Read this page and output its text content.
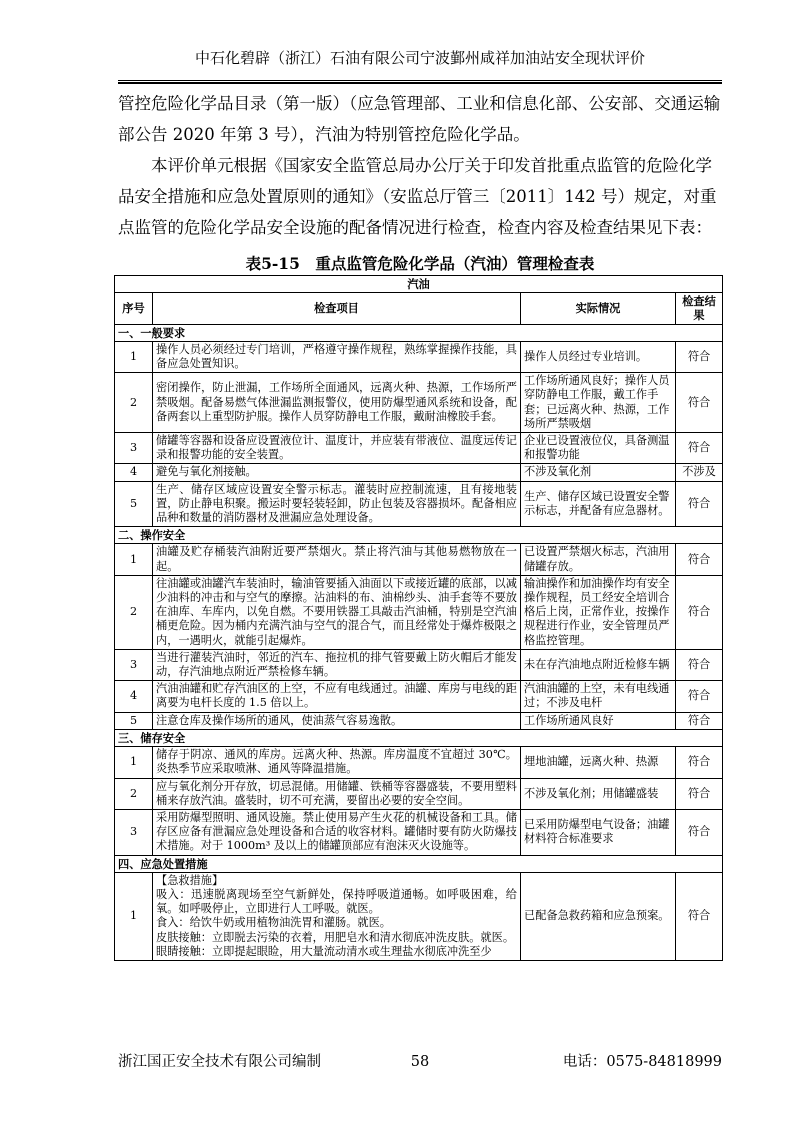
中石化碧辟（浙江）石油有限公司宁波鄞州咸祥加油站安全现状评价

管控危险化学品目录（第一版）（应急管理部、工业和信息化部、公安部、交通运输部公告 2020 年第 3 号），汽油为特别管控危险化学品。

本评价单元根据《国家安全监管总局办公厅关于印发首批重点监管的危险化学品安全措施和应急处置原则的通知》（安监总厅管三〔2011〕142 号）规定，对重点监管的危险化学品安全设施的配备情况进行检查，检查内容及检查结果见下表：

表5-15　重点监管危险化学品（汽油）管理检查表
汽油			
序号	检查项目	实际情况	检查结果
一、一般要求			
1	操作人员必须经过专门培训，严格遵守操作规程，熟练掌握操作技能，具备应急处置知识。	操作人员经过专业培训。	符合
2	密闭操作，防止泄漏，工作场所全面通风，远离火种、热源，工作场所严禁吸烟。配备易燃气体泄漏监测报警仪，使用防爆型通风系统和设备，配备两套以上重型防护服。操作人员穿防静电工作服，戴耐油橡胶手套。	工作场所通风良好；操作人员穿防静电工作服，戴工作手套；已远离火种、热源，工作场所严禁吸烟	符合
3	储罐等容器和设备应设置液位计、温度计，并应装有带液位、温度远传记录和报警功能的安全装置。	企业已设置液位仪，具备测温和报警功能	符合
4	避免与氧化剂接触。	不涉及氧化剂	不涉及
5	生产、储存区域应设置安全警示标志。灌装时应控制流速，且有接地装置，防止静电积聚。搬运时要轻装轻卸，防止包装及容器损坏。配备相应品种和数量的消防器材及泄漏应急处理设备。	生产、储存区域已设置安全警示标志，并配备有应急器材。	符合
二、操作安全			
1	油罐及贮存桶装汽油附近要严禁烟火。禁止将汽油与其他易燃物放在一起。	已设置严禁烟火标志，汽油用储罐存放。	符合
2	往油罐或油罐汽车装油时，输油管要插入油面以下或接近罐的底部，以减少油料的冲击和与空气的摩擦。沾油料的布、油棉纱头、油手套等不要放在油库、车库内，以免自燃。不要用铁器工具敲击汽油桶，特别是空汽油桶更危险。因为桶内充满汽油与空气的混合气，而且经常处于爆炸极限之内，一遇明火，就能引起爆炸。	输油操作和加油操作均有安全操作规程，员工经安全培训合格后上岗，正常作业，按操作规程进行作业，安全管理员严格监控管理。	符合
3	当进行灌装汽油时，邻近的汽车、拖拉机的排气管要戴上防火帽后才能发动，存汽油地点附近严禁检修车辆。	未在存汽油地点附近检修车辆	符合
4	汽油油罐和贮存汽油区的上空，不应有电线通过。油罐、库房与电线的距离要为电杆长度的 1.5 倍以上。	汽油油罐的上空，未有电线通过；不涉及电杆	符合
5	注意仓库及操作场所的通风，使油蒸气容易逸散。	工作场所通风良好	符合
三、储存安全			
1	储存于阴凉、通风的库房。远离火种、热源。库房温度不宜超过 30℃。炎热季节应采取喷淋、通风等降温措施。	埋地油罐，远离火种、热源	符合
2	应与氧化剂分开存放，切忌混储。用储罐、铁桶等容器盛装，不要用塑料桶来存放汽油。盛装时，切不可充满，要留出必要的安全空间。	不涉及氧化剂；用储罐盛装	符合
3	采用防爆型照明、通风设施。禁止使用易产生火花的机械设备和工具。储存区应备有泄漏应急处理设备和合适的收容材料。罐储时要有防火防爆技术措施。对于 1000m³ 及以上的储罐顶部应有泡沫灭火设施等。	已采用防爆型电气设备；油罐材料符合标准要求	符合
四、应急处置措施			
1	【急救措施】
吸入：迅速脱离现场至空气新鲜处，保持呼吸道通畅。如呼吸困难，给氧。如呼吸停止，立即进行人工呼吸。就医。
食入：给饮牛奶或用植物油洗胃和灌肠。就医。
皮肤接触：立即脱去污染的衣着，用肥皂水和清水彻底冲洗皮肤。就医。
眼睛接触：立即提起眼睑，用大量流动清水或生理盐水彻底冲洗至少	已配备急救药箱和应急预案。	符合
浙江国正安全技术有限公司编制	58	电话：0575-84818999
